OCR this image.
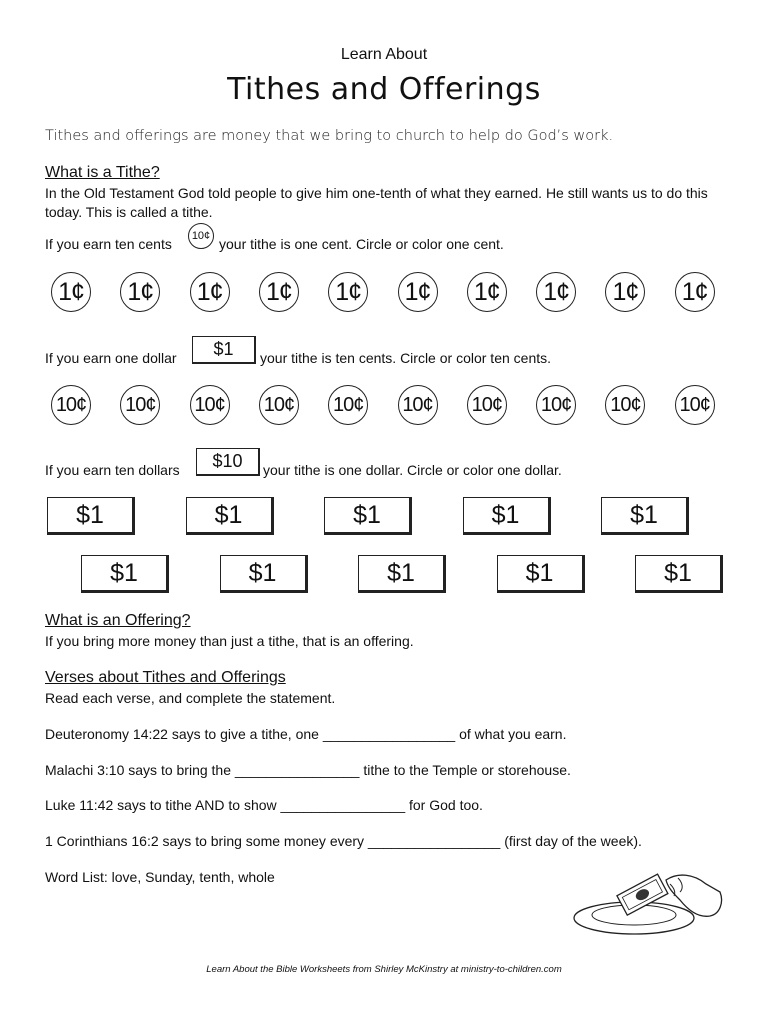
Learn About
Tithes and Offerings
Tithes and offerings are money that we bring to church to help do God’s work.
What is a Tithe?
In the Old Testament God told people to give him one-tenth of what they earned. He still wants us to do this today. This is called a tithe.
If you earn ten cents	10¢ your tithe is one cent. Circle or color one cent.
1¢ 1¢ 1¢ 1¢ 1¢ 1¢ 1¢ 1¢ 1¢ 1¢
If you earn one dollar	$1	your tithe is ten cents. Circle or color ten cents.
10¢ 10¢ 10¢ 10¢ 10¢ 10¢ 10¢ 10¢ 10¢ 10¢
If you earn ten dollars	$10	your tithe is one dollar. Circle or color one dollar.
$1	$1	$1	$1	$1
$1	$1	$1	$1	$1
What is an Offering?
If you bring more money than just a tithe, that is an offering.
Verses about Tithes and Offerings
Read each verse, and complete the statement.
Deuteronomy 14:22 says to give a tithe, one _________________ of what you earn.
Malachi 3:10 says to bring the ________________ tithe to the Temple or storehouse.
Luke 11:42 says to tithe AND to show ________________ for God too.
1 Corinthians 16:2 says to bring some money every _________________ (first day of the week).
Word List: love, Sunday, tenth, whole
Learn About the Bible Worksheets from Shirley McKinstry at ministry-to-children.com
